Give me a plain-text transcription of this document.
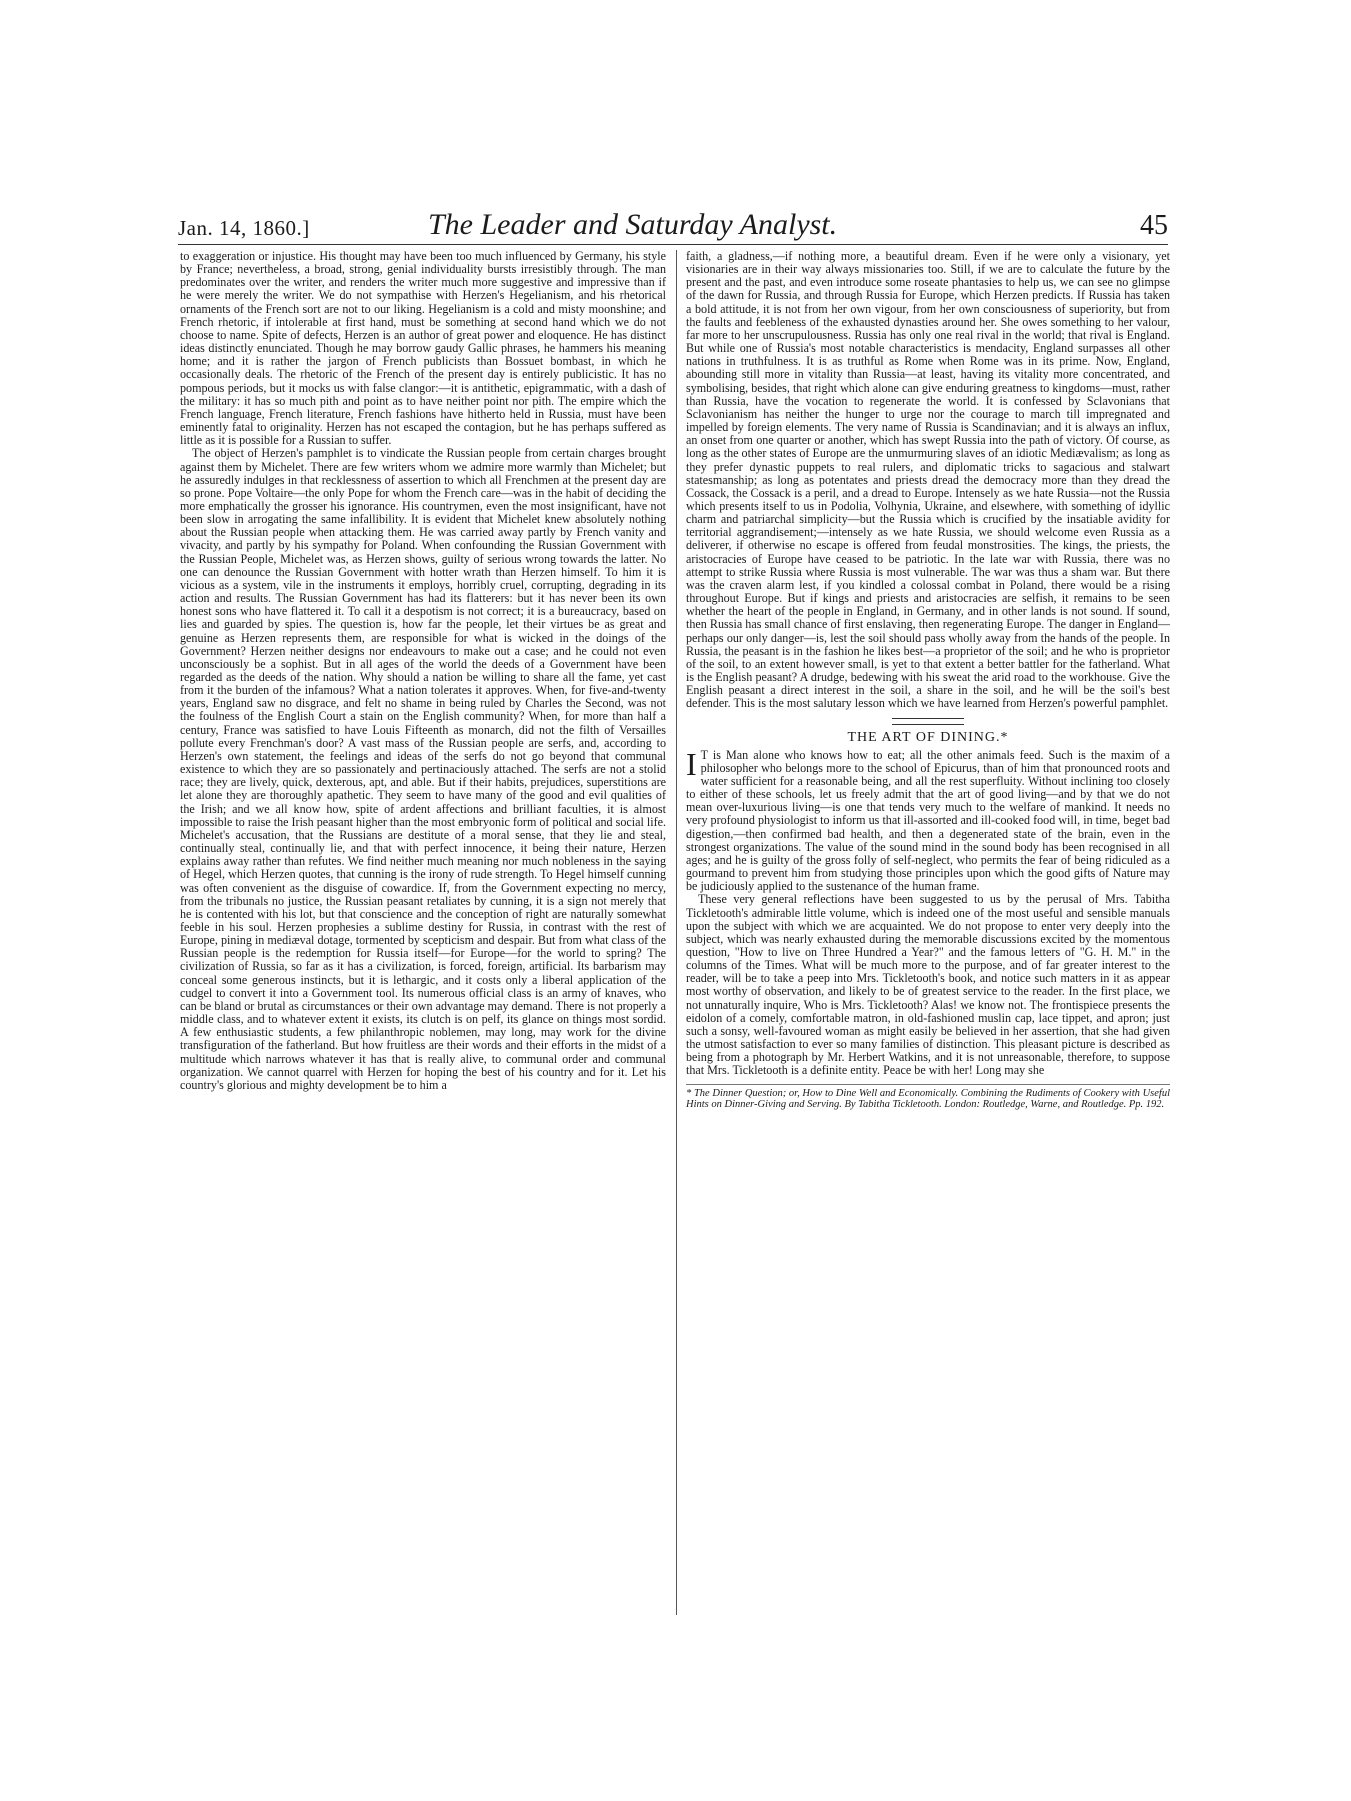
Jan. 14, 1860.]	The Leader and Saturday Analyst.	45

to exaggeration or injustice. His thought may have been too much influenced by Germany, his style by France; nevertheless, a broad, strong, genial individuality bursts irresistibly through. The man predominates over the writer, and renders the writer much more suggestive and impressive than if he were merely the writer. We do not sympathise with Herzen's Hegelianism, and his rhetorical ornaments of the French sort are not to our liking. Hegelianism is a cold and misty moonshine; and French rhetoric, if intolerable at first hand, must be something at second hand which we do not choose to name. Spite of defects, Herzen is an author of great power and eloquence. He has distinct ideas distinctly enunciated. Though he may borrow gaudy Gallic phrases, he hammers his meaning home; and it is rather the jargon of French publicists than Bossuet bombast, in which he occasionally deals. The rhetoric of the French of the present day is entirely publicistic. It has no pompous periods, but it mocks us with false clangor:—it is antithetic, epigrammatic, with a dash of the military: it has so much pith and point as to have neither point nor pith. The empire which the French language, French literature, French fashions have hitherto held in Russia, must have been eminently fatal to originality. Herzen has not escaped the contagion, but he has perhaps suffered as little as it is possible for a Russian to suffer.

The object of Herzen's pamphlet is to vindicate the Russian people from certain charges brought against them by Michelet. There are few writers whom we admire more warmly than Michelet; but he assuredly indulges in that recklessness of assertion to which all Frenchmen at the present day are so prone. Pope Voltaire—the only Pope for whom the French care—was in the habit of deciding the more emphatically the grosser his ignorance. His countrymen, even the most insignificant, have not been slow in arrogating the same infallibility. It is evident that Michelet knew absolutely nothing about the Russian people when attacking them. He was carried away partly by French vanity and vivacity, and partly by his sympathy for Poland. When confounding the Russian Government with the Russian People, Michelet was, as Herzen shows, guilty of serious wrong towards the latter. No one can denounce the Russian Government with hotter wrath than Herzen himself. To him it is vicious as a system, vile in the instruments it employs, horribly cruel, corrupting, degrading in its action and results. The Russian Government has had its flatterers: but it has never been its own honest sons who have flattered it. To call it a despotism is not correct; it is a bureaucracy, based on lies and guarded by spies. The question is, how far the people, let their virtues be as great and genuine as Herzen represents them, are responsible for what is wicked in the doings of the Government? Herzen neither designs nor endeavours to make out a case; and he could not even unconsciously be a sophist. But in all ages of the world the deeds of a Government have been regarded as the deeds of the nation. Why should a nation be willing to share all the fame, yet cast from it the burden of the infamous? What a nation tolerates it approves. When, for five-and-twenty years, England saw no disgrace, and felt no shame in being ruled by Charles the Second, was not the foulness of the English Court a stain on the English community? When, for more than half a century, France was satisfied to have Louis Fifteenth as monarch, did not the filth of Versailles pollute every Frenchman's door? A vast mass of the Russian people are serfs, and, according to Herzen's own statement, the feelings and ideas of the serfs do not go beyond that communal existence to which they are so passionately and pertinaciously attached. The serfs are not a stolid race; they are lively, quick, dexterous, apt, and able. But if their habits, prejudices, superstitions are let alone they are thoroughly apathetic. They seem to have many of the good and evil qualities of the Irish; and we all know how, spite of ardent affections and brilliant faculties, it is almost impossible to raise the Irish peasant higher than the most embryonic form of political and social life. Michelet's accusation, that the Russians are destitute of a moral sense, that they lie and steal, continually steal, continually lie, and that with perfect innocence, it being their nature, Herzen explains away rather than refutes. We find neither much meaning nor much nobleness in the saying of Hegel, which Herzen quotes, that cunning is the irony of rude strength. To Hegel himself cunning was often convenient as the disguise of cowardice. If, from the Government expecting no mercy, from the tribunals no justice, the Russian peasant retaliates by cunning, it is a sign not merely that he is contented with his lot, but that conscience and the conception of right are naturally somewhat feeble in his soul. Herzen prophesies a sublime destiny for Russia, in contrast with the rest of Europe, pining in mediæval dotage, tormented by scepticism and despair. But from what class of the Russian people is the redemption for Russia itself—for Europe—for the world to spring? The civilization of Russia, so far as it has a civilization, is forced, foreign, artificial. Its barbarism may conceal some generous instincts, but it is lethargic, and it costs only a liberal application of the cudgel to convert it into a Government tool. Its numerous official class is an army of knaves, who can be bland or brutal as circumstances or their own advantage may demand. There is not properly a middle class, and to whatever extent it exists, its clutch is on pelf, its glance on things most sordid. A few enthusiastic students, a few philanthropic noblemen, may long, may work for the divine transfiguration of the fatherland. But how fruitless are their words and their efforts in the midst of a multitude which narrows whatever it has that is really alive, to communal order and communal organization. We cannot quarrel with Herzen for hoping the best of his country and for it. Let his country's glorious and mighty development be to him a

faith, a gladness,—if nothing more, a beautiful dream. Even if he were only a visionary, yet visionaries are in their way always missionaries too. Still, if we are to calculate the future by the present and the past, and even introduce some roseate phantasies to help us, we can see no glimpse of the dawn for Russia, and through Russia for Europe, which Herzen predicts. If Russia has taken a bold attitude, it is not from her own vigour, from her own consciousness of superiority, but from the faults and feebleness of the exhausted dynasties around her. She owes something to her valour, far more to her unscrupulousness. Russia has only one real rival in the world; that rival is England. But while one of Russia's most notable characteristics is mendacity, England surpasses all other nations in truthfulness. It is as truthful as Rome when Rome was in its prime. Now, England, abounding still more in vitality than Russia—at least, having its vitality more concentrated, and symbolising, besides, that right which alone can give enduring greatness to kingdoms—must, rather than Russia, have the vocation to regenerate the world. It is confessed by Sclavonians that Sclavonianism has neither the hunger to urge nor the courage to march till impregnated and impelled by foreign elements. The very name of Russia is Scandinavian; and it is always an influx, an onset from one quarter or another, which has swept Russia into the path of victory. Of course, as long as the other states of Europe are the unmurmuring slaves of an idiotic Mediævalism; as long as they prefer dynastic puppets to real rulers, and diplomatic tricks to sagacious and stalwart statesmanship; as long as potentates and priests dread the democracy more than they dread the Cossack, the Cossack is a peril, and a dread to Europe. Intensely as we hate Russia—not the Russia which presents itself to us in Podolia, Volhynia, Ukraine, and elsewhere, with something of idyllic charm and patriarchal simplicity—but the Russia which is crucified by the insatiable avidity for territorial aggrandisement;—intensely as we hate Russia, we should welcome even Russia as a deliverer, if otherwise no escape is offered from feudal monstrosities. The kings, the priests, the aristocracies of Europe have ceased to be patriotic. In the late war with Russia, there was no attempt to strike Russia where Russia is most vulnerable. The war was thus a sham war. But there was the craven alarm lest, if you kindled a colossal combat in Poland, there would be a rising throughout Europe. But if kings and priests and aristocracies are selfish, it remains to be seen whether the heart of the people in England, in Germany, and in other lands is not sound. If sound, then Russia has small chance of first enslaving, then regenerating Europe. The danger in England—perhaps our only danger—is, lest the soil should pass wholly away from the hands of the people. In Russia, the peasant is in the fashion he likes best—a proprietor of the soil; and he who is proprietor of the soil, to an extent however small, is yet to that extent a better battler for the fatherland. What is the English peasant? A drudge, bedewing with his sweat the arid road to the workhouse. Give the English peasant a direct interest in the soil, a share in the soil, and he will be the soil's best defender. This is the most salutary lesson which we have learned from Herzen's powerful pamphlet.

THE ART OF DINING.*

I T is Man alone who knows how to eat; all the other animals feed. Such is the maxim of a philosopher who belongs more to the school of Epicurus, than of him that pronounced roots and water sufficient for a reasonable being, and all the rest superfluity. Without inclining too closely to either of these schools, let us freely admit that the art of good living—and by that we do not mean over-luxurious living—is one that tends very much to the welfare of mankind. It needs no very profound physiologist to inform us that ill-assorted and ill-cooked food will, in time, beget bad digestion,—then confirmed bad health, and then a degenerated state of the brain, even in the strongest organizations. The value of the sound mind in the sound body has been recognised in all ages; and he is guilty of the gross folly of self-neglect, who permits the fear of being ridiculed as a gourmand to prevent him from studying those principles upon which the good gifts of Nature may be judiciously applied to the sustenance of the human frame.

These very general reflections have been suggested to us by the perusal of Mrs. Tabitha Tickletooth's admirable little volume, which is indeed one of the most useful and sensible manuals upon the subject with which we are acquainted. We do not propose to enter very deeply into the subject, which was nearly exhausted during the memorable discussions excited by the momentous question, "How to live on Three Hundred a Year?" and the famous letters of "G. H. M." in the columns of the Times. What will be much more to the purpose, and of far greater interest to the reader, will be to take a peep into Mrs. Tickletooth's book, and notice such matters in it as appear most worthy of observation, and likely to be of greatest service to the reader. In the first place, we not unnaturally inquire, Who is Mrs. Tickletooth? Alas! we know not. The frontispiece presents the eidolon of a comely, comfortable matron, in old-fashioned muslin cap, lace tippet, and apron; just such a sonsy, well-favoured woman as might easily be believed in her assertion, that she had given the utmost satisfaction to ever so many families of distinction. This pleasant picture is described as being from a photograph by Mr. Herbert Watkins, and it is not unreasonable, therefore, to suppose that Mrs. Tickletooth is a definite entity. Peace be with her! Long may she

* The Dinner Question; or, How to Dine Well and Economically. Combining the Rudiments of Cookery with Useful Hints on Dinner-Giving and Serving. By Tabitha Tickletooth. London: Routledge, Warne, and Routledge. Pp. 192.
